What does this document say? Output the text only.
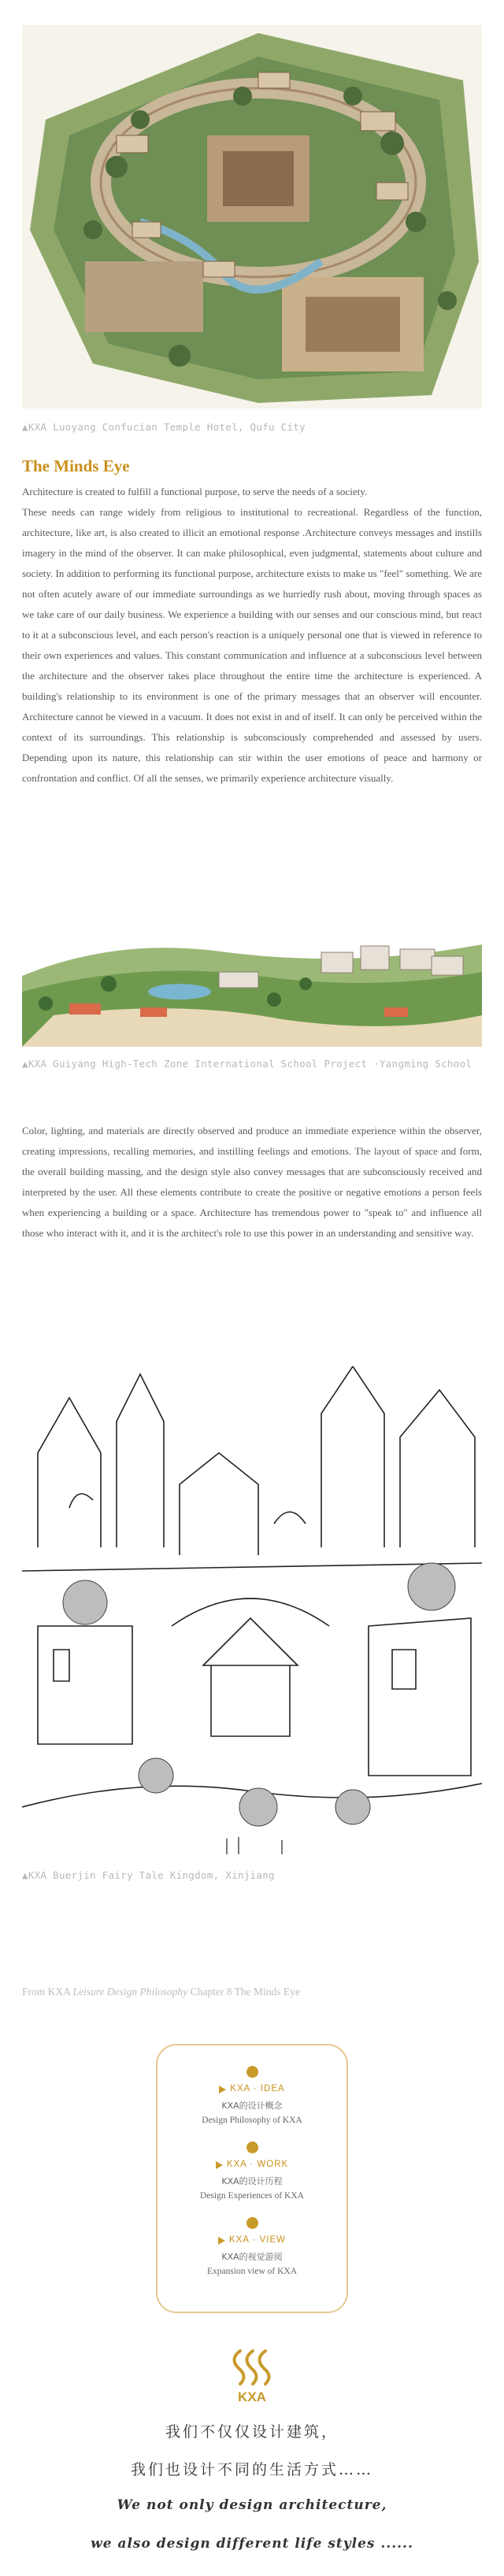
▲KXA Luoyang Confucian Temple Hotel, Qufu City
The Minds Eye
Architecture is created to fulfill a functional purpose, to serve the needs of a society.
These needs can range widely from religious to institutional to recreational. Regardless of the function, architecture, like art, is also created to illicit an emotional response .Architecture conveys messages and instills imagery in the mind of the observer. It can make philosophical, even judgmental, statements about culture and society. In addition to performing its functional purpose, architecture exists to make us "feel" something. We are not often acutely aware of our immediate surroundings as we hurriedly rush about, moving through spaces as we take care of our daily business. We experience a building with our senses and our conscious mind, but react to it at a subconscious level, and each person's reaction is a uniquely personal one that is viewed in reference to their own experiences and values. This constant communication and influence at a subconscious level between the architecture and the observer takes place throughout the entire time the architecture is experienced. A building's relationship to its environment is one of the primary messages that an observer will encounter. Architecture cannot be viewed in a vacuum. It does not exist in and of itself. It can only be perceived within the context of its surroundings. This relationship is subconsciously comprehended and assessed by users. Depending upon its nature, this relationship can stir within the user emotions of peace and harmony or confrontation and conflict. Of all the senses, we primarily experience architecture visually.
▲KXA Guiyang High-Tech Zone International School Project ·Yangming School
Color, lighting, and materials are directly observed and produce an immediate experience within the observer, creating impressions, recalling memories, and instilling feelings and emotions. The layout of space and form, the overall building massing, and the design style also convey messages that are subconsciously received and interpreted by the user. All these elements contribute to create the positive or negative emotions a person feels when experiencing a building or a space. Architecture has tremendous power to "speak to" and influence all those who interact with it, and it is the architect's role to use this power in an understanding and sensitive way.
▲KXA Buerjin Fairy Tale Kingdom, Xinjiang
From KXA Leisure Design Philosophy Chapter 8 The Minds Eye
KXA · IDEA
KXA的设计概念
Design Philosophy of KXA
KXA · WORK
KXA的设计历程
Design Experiences of KXA
KXA · VIEW
KXA的视觉游阅
Expansion view of KXA
KXA
我们不仅仅设计建筑，
我们也设计不同的生活方式……
We not only design architecture,
we also design different life styles ......
